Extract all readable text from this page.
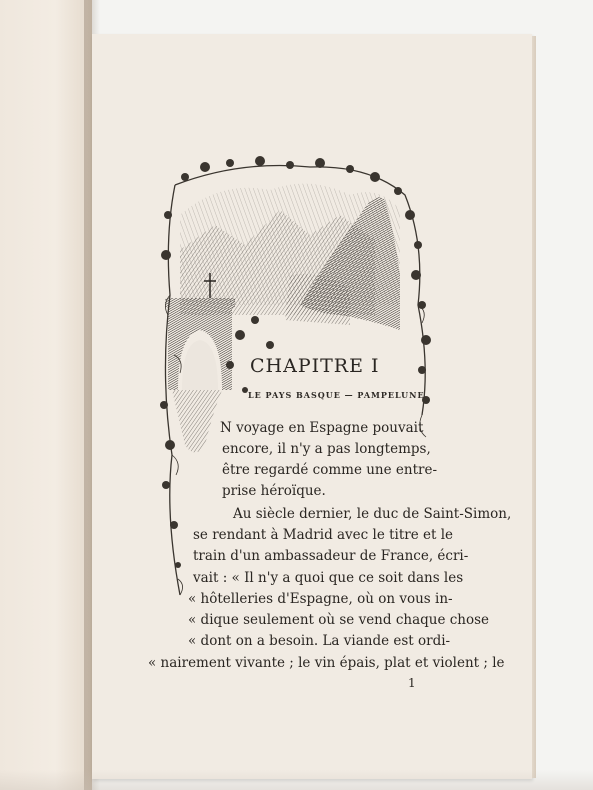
CHAPITRE I
LE PAYS BASQUE — PAMPELUNE
N voyage en Espagne pouvait
encore, il n'y a pas longtemps,
être regardé comme une entre-
prise héroïque.
Au siècle dernier, le duc de Saint-Simon,
se rendant à Madrid avec le titre et le
train d'un ambassadeur de France, écri-
vait : « Il n'y a quoi que ce soit dans les
« hôtelleries d'Espagne, où on vous in-
« dique seulement où se vend chaque chose
« dont on a besoin. La viande est ordi-
« nairement vivante ; le vin épais, plat et violent ; le
1
